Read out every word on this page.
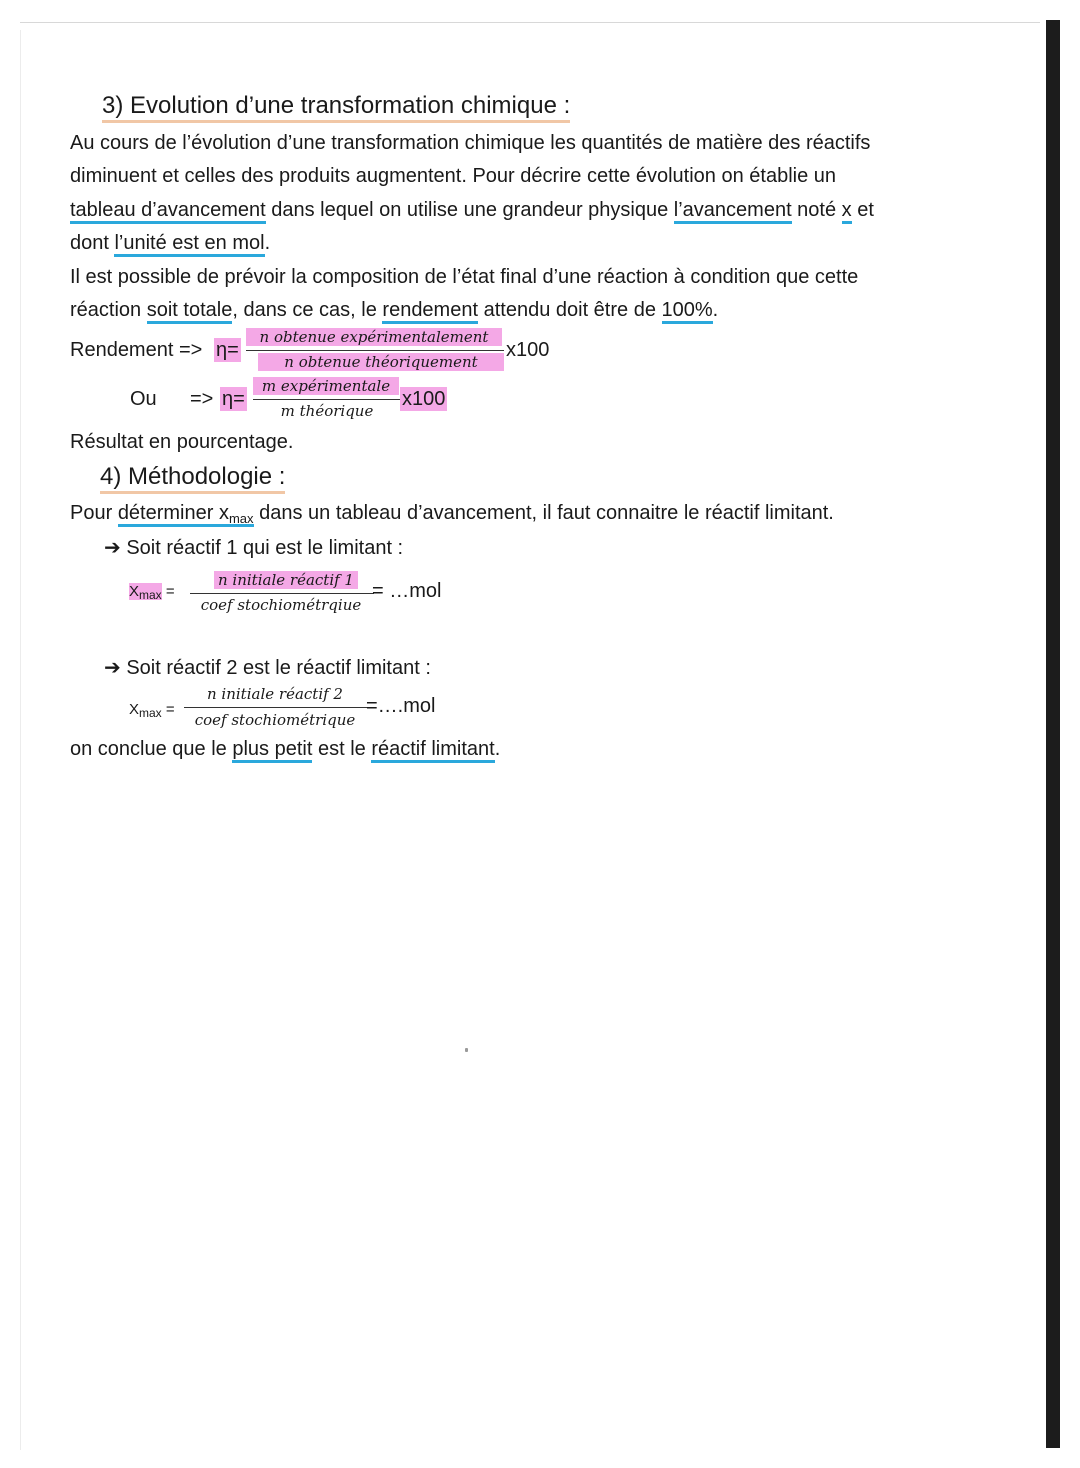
3) Evolution d’une transformation chimique :
Au cours de l’évolution d’une transformation chimique les quantités de matière des réactifs
diminuent et celles des produits augmentent. Pour décrire cette évolution on établie un
tableau d’avancement dans lequel on utilise une grandeur physique l’avancement noté x et
dont l’unité est en mol.
Il est possible de prévoir la composition de l’état final d’une réaction à condition que cette
réaction soit totale, dans ce cas, le rendement attendu doit être de 100%.
Rendement => η=
n obtenue expérimentalement
n obtenue théoriquement
x100
Ou => η=
m expérimentale
m théorique
x100
Résultat en pourcentage.
4) Méthodologie :
Pour déterminer $x_{max}$ dans un tableau d’avancement, il faut connaitre le réactif limitant.
➔ Soit réactif 1 qui est le limitant :
$X_{max}$ =
n initiale réactif 1
coef stochiométrqiue
= …mol
➔ Soit réactif 2 est le réactif limitant :
$X_{max}$ =
n initiale réactif 2
coef stochiométrique
=….mol
on conclue que le plus petit est le réactif limitant.
